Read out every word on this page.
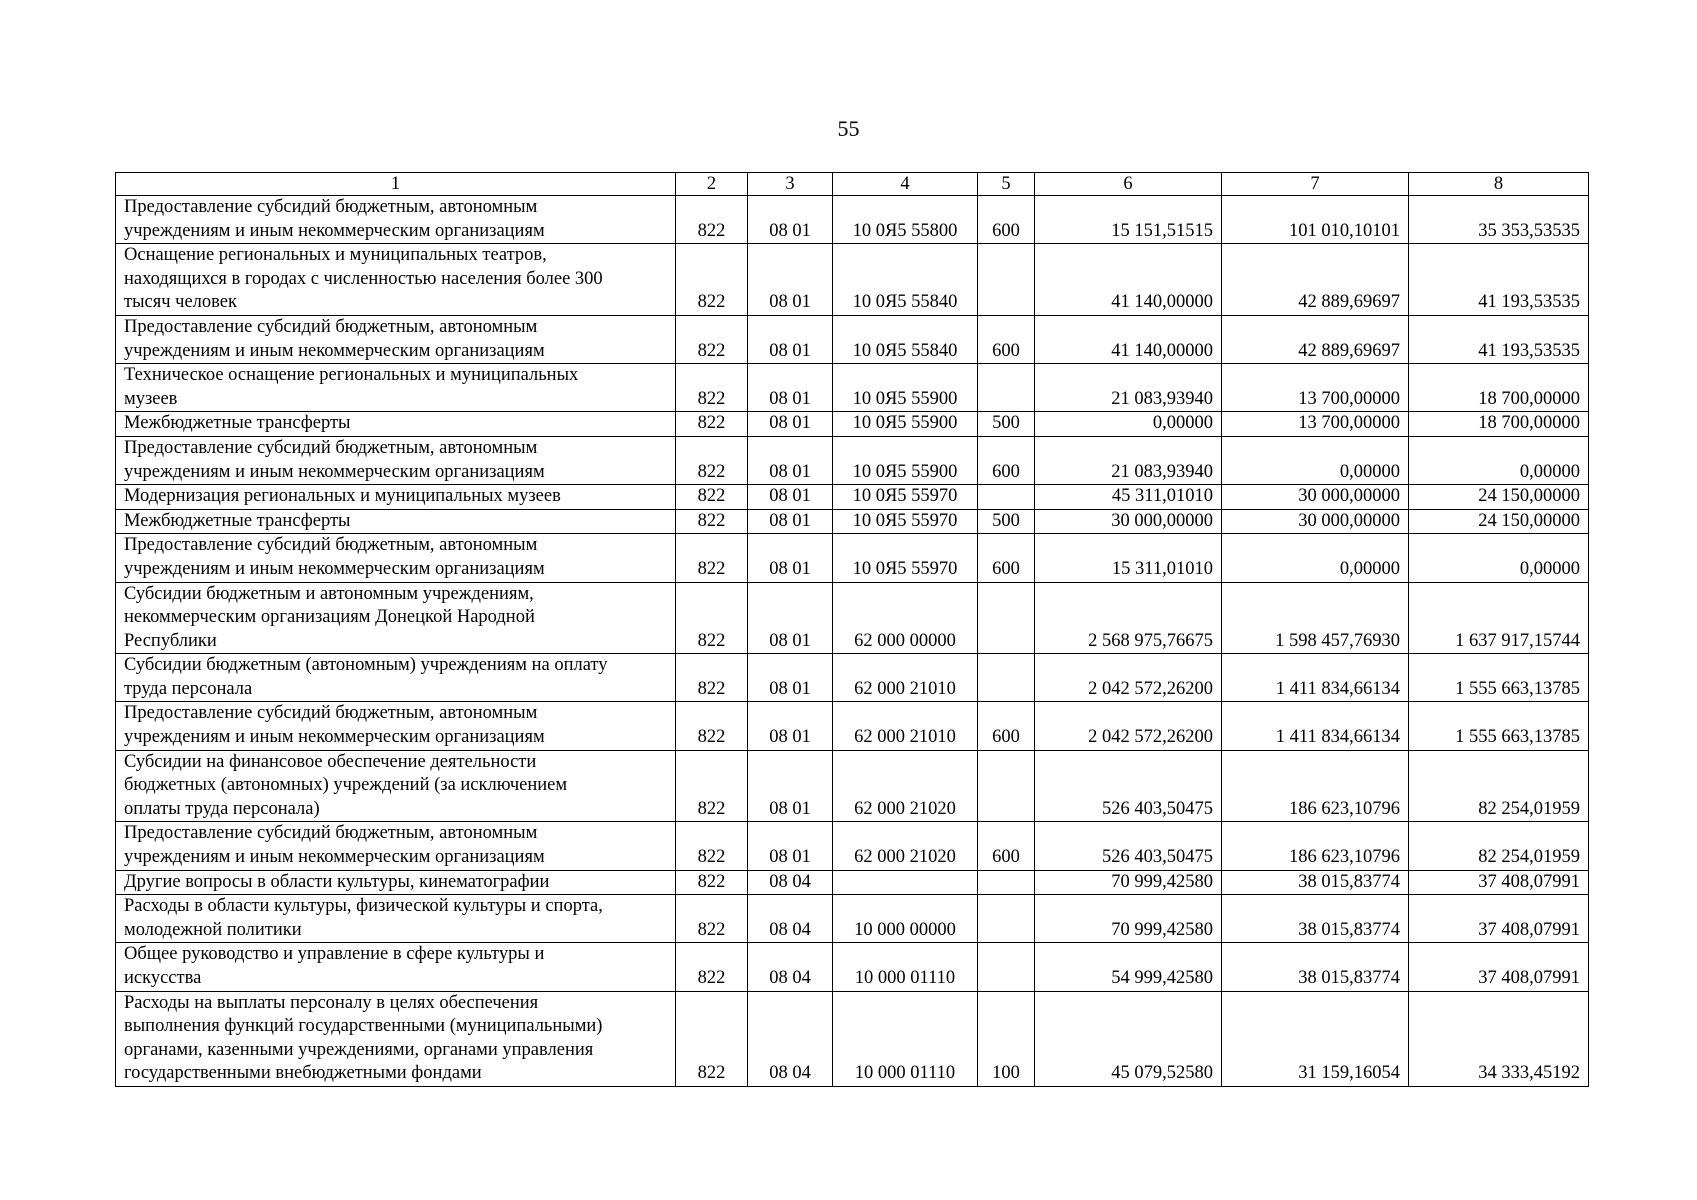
55
1	2	3	4	5	6	7	8
Предоставление субсидий бюджетным, автономным
учреждениям и иным некоммерческим организациям	822	08 01	10 0Я5 55800	600	15 151,51515	101 010,10101	35 353,53535
Оснащение региональных и муниципальных театров,
находящихся в городах с численностью населения более 300
тысяч человек	822	08 01	10 0Я5 55840		41 140,00000	42 889,69697	41 193,53535
Предоставление субсидий бюджетным, автономным
учреждениям и иным некоммерческим организациям	822	08 01	10 0Я5 55840	600	41 140,00000	42 889,69697	41 193,53535
Техническое оснащение региональных и муниципальных
музеев	822	08 01	10 0Я5 55900		21 083,93940	13 700,00000	18 700,00000
Межбюджетные трансферты	822	08 01	10 0Я5 55900	500	0,00000	13 700,00000	18 700,00000
Предоставление субсидий бюджетным, автономным
учреждениям и иным некоммерческим организациям	822	08 01	10 0Я5 55900	600	21 083,93940	0,00000	0,00000
Модернизация региональных и муниципальных музеев	822	08 01	10 0Я5 55970		45 311,01010	30 000,00000	24 150,00000
Межбюджетные трансферты	822	08 01	10 0Я5 55970	500	30 000,00000	30 000,00000	24 150,00000
Предоставление субсидий бюджетным, автономным
учреждениям и иным некоммерческим организациям	822	08 01	10 0Я5 55970	600	15 311,01010	0,00000	0,00000
Субсидии бюджетным и автономным учреждениям,
некоммерческим организациям Донецкой Народной
Республики	822	08 01	62 000 00000		2 568 975,76675	1 598 457,76930	1 637 917,15744
Субсидии бюджетным (автономным) учреждениям на оплату
труда персонала	822	08 01	62 000 21010		2 042 572,26200	1 411 834,66134	1 555 663,13785
Предоставление субсидий бюджетным, автономным
учреждениям и иным некоммерческим организациям	822	08 01	62 000 21010	600	2 042 572,26200	1 411 834,66134	1 555 663,13785
Субсидии на финансовое обеспечение деятельности
бюджетных (автономных) учреждений (за исключением
оплаты труда персонала)	822	08 01	62 000 21020		526 403,50475	186 623,10796	82 254,01959
Предоставление субсидий бюджетным, автономным
учреждениям и иным некоммерческим организациям	822	08 01	62 000 21020	600	526 403,50475	186 623,10796	82 254,01959
Другие вопросы в области культуры, кинематографии	822	08 04			70 999,42580	38 015,83774	37 408,07991
Расходы в области культуры, физической культуры и спорта,
молодежной политики	822	08 04	10 000 00000		70 999,42580	38 015,83774	37 408,07991
Общее руководство и управление в сфере культуры и
искусства	822	08 04	10 000 01110		54 999,42580	38 015,83774	37 408,07991
Расходы на выплаты персоналу в целях обеспечения
выполнения функций государственными (муниципальными)
органами, казенными учреждениями, органами управления
государственными внебюджетными фондами	822	08 04	10 000 01110	100	45 079,52580	31 159,16054	34 333,45192
